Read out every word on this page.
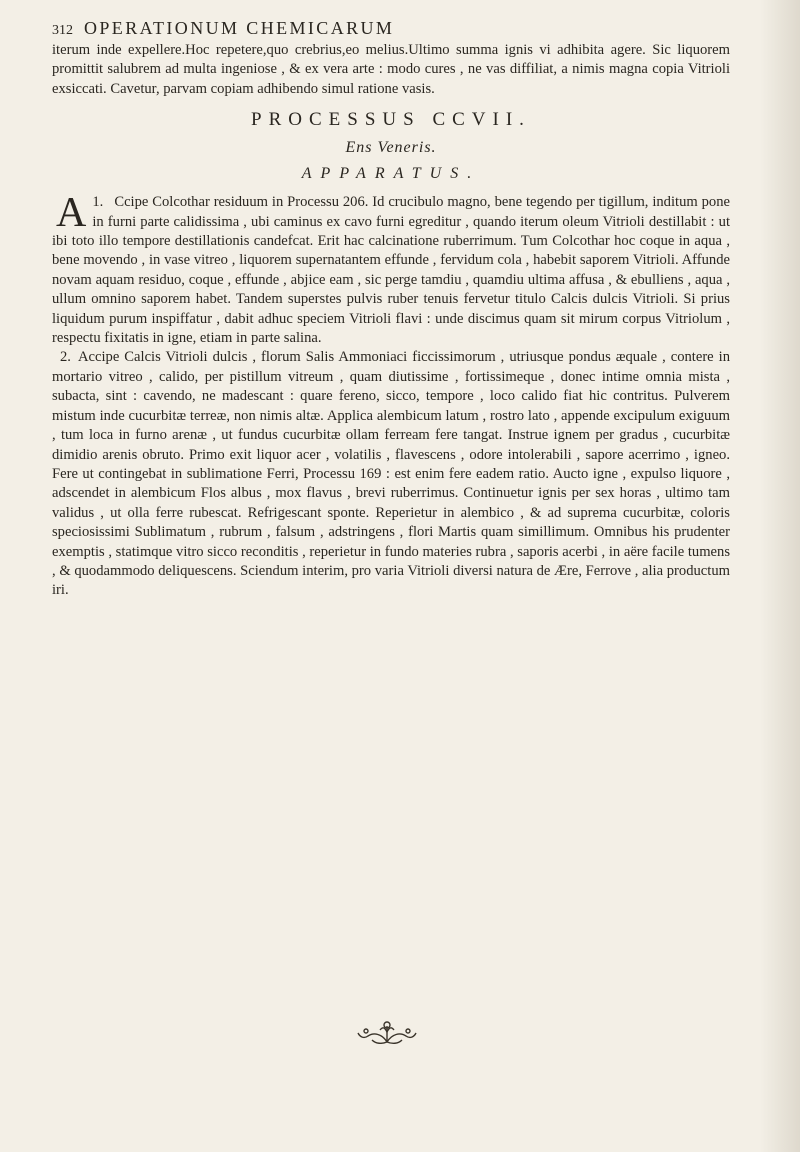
312 OPERATIONUM CHEMICARUM

iterum inde expellere.Hoc repetere,quo crebrius,eo melius.Ultimo summa ignis vi adhibita agere. Sic liquorem promittit salubrem ad multa ingeniose , & ex vera arte : modo cures , ne vas diffiliat, a nimis magna copia Vitrioli exsiccati. Cavetur, parvam copiam adhibendo simul ratione vasis.

PROCESSUS CCVII.
Ens Veneris.
APPARATUS.

1.
A Ccipe Colcothar residuum in Processu 206. Id crucibulo magno, bene tegendo per tigillum, inditum pone in furni parte calidissima , ubi caminus ex cavo furni egreditur , quando iterum oleum Vitrioli destillabit : ut ibi toto illo tempore destillationis candefcat. Erit hac calcinatione ruberrimum. Tum Colcothar hoc coque in aqua , bene movendo , in vase vitreo , liquorem supernatantem effunde , fervidum cola , habebit saporem Vitrioli. Affunde novam aquam residuo, coque , effunde , abjice eam , sic perge tamdiu , quamdiu ultima affusa , & ebulliens , aqua , ullum omnino saporem habet. Tandem superstes pulvis ruber tenuis fervetur titulo Calcis dulcis Vitrioli. Si prius liquidum purum inspiffatur , dabit adhuc speciem Vitrioli flavi : unde discimus quam sit mirum corpus Vitriolum , respectu fixitatis in igne, etiam in parte salina.

2. Accipe Calcis Vitrioli dulcis , florum Salis Ammoniaci ficcissimorum , utriusque pondus æquale , contere in mortario vitreo , calido, per pistillum vitreum , quam diutissime , fortissimeque , donec intime omnia mista , subacta, sint : cavendo, ne madescant : quare fereno, sicco, tempore , loco calido fiat hic contritus. Pulverem mistum inde cucurbitæ terreæ, non nimis altæ. Applica alembicum latum , rostro lato , appende excipulum exiguum , tum loca in furno arenæ , ut fundus cucurbitæ ollam ferream fere tangat. Instrue ignem per gradus , cucurbitæ dimidio arenis obruto. Primo exit liquor acer , volatilis , flavescens , odore intolerabili , sapore acerrimo , igneo. Fere ut contingebat in sublimatione Ferri, Processu 169 : est enim fere eadem ratio. Aucto igne , expulso liquore , adscendet in alembicum Flos albus , mox flavus , brevi ruberrimus. Continuetur ignis per sex horas , ultimo tam validus , ut olla ferre rubescat. Refrigescant sponte. Reperietur in alembico , & ad suprema cucurbitæ, coloris speciosissimi Sublimatum , rubrum , falsum , adstringens , flori Martis quam simillimum. Omnibus his prudenter exemptis , statimque vitro sicco reconditis , reperietur in fundo materies rubra , saporis acerbi , in aëre facile tumens , & quodammodo deliquescens. Sciendum interim, pro varia Vitrioli diversi natura de Ære, Ferrove , alia productum iri.
